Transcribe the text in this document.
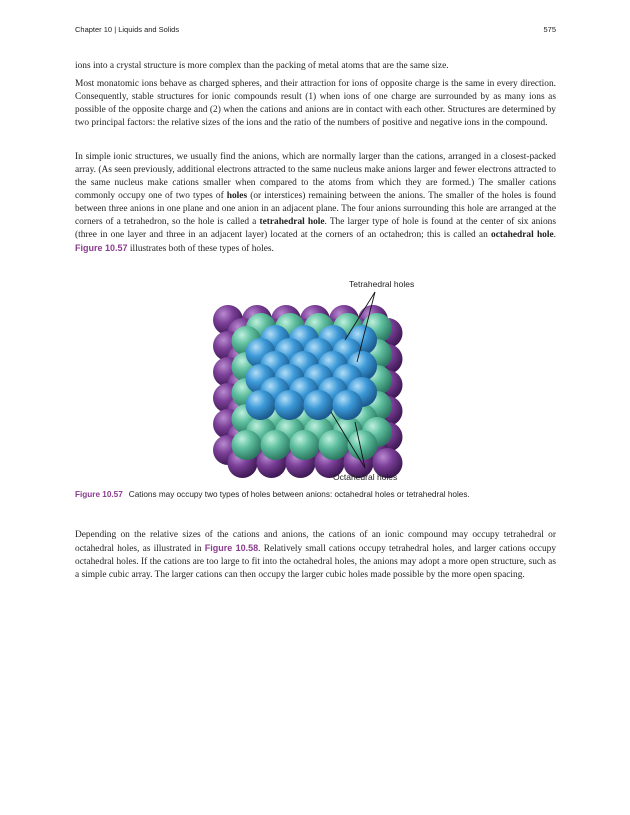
Chapter 10 | Liquids and Solids	575

ions into a crystal structure is more complex than the packing of metal atoms that are the same size.

Most monatomic ions behave as charged spheres, and their attraction for ions of opposite charge is the same in every direction. Consequently, stable structures for ionic compounds result (1) when ions of one charge are surrounded by as many ions as possible of the opposite charge and (2) when the cations and anions are in contact with each other. Structures are determined by two principal factors: the relative sizes of the ions and the ratio of the numbers of positive and negative ions in the compound.

In simple ionic structures, we usually find the anions, which are normally larger than the cations, arranged in a closest-packed array. (As seen previously, additional electrons attracted to the same nucleus make anions larger and fewer electrons attracted to the same nucleus make cations smaller when compared to the atoms from which they are formed.) The smaller cations commonly occupy one of two types of holes (or interstices) remaining between the anions. The smaller of the holes is found between three anions in one plane and one anion in an adjacent plane. The four anions surrounding this hole are arranged at the corners of a tetrahedron, so the hole is called a tetrahedral hole. The larger type of hole is found at the center of six anions (three in one layer and three in an adjacent layer) located at the corners of an octahedron; this is called an octahedral hole. Figure 10.57 illustrates both of these types of holes.

Tetrahedral holes
Octahedral holes
Figure 10.57 Cations may occupy two types of holes between anions: octahedral holes or tetrahedral holes.

Depending on the relative sizes of the cations and anions, the cations of an ionic compound may occupy tetrahedral or octahedral holes, as illustrated in Figure 10.58. Relatively small cations occupy tetrahedral holes, and larger cations occupy octahedral holes. If the cations are too large to fit into the octahedral holes, the anions may adopt a more open structure, such as a simple cubic array. The larger cations can then occupy the larger cubic holes made possible by the more open spacing.
